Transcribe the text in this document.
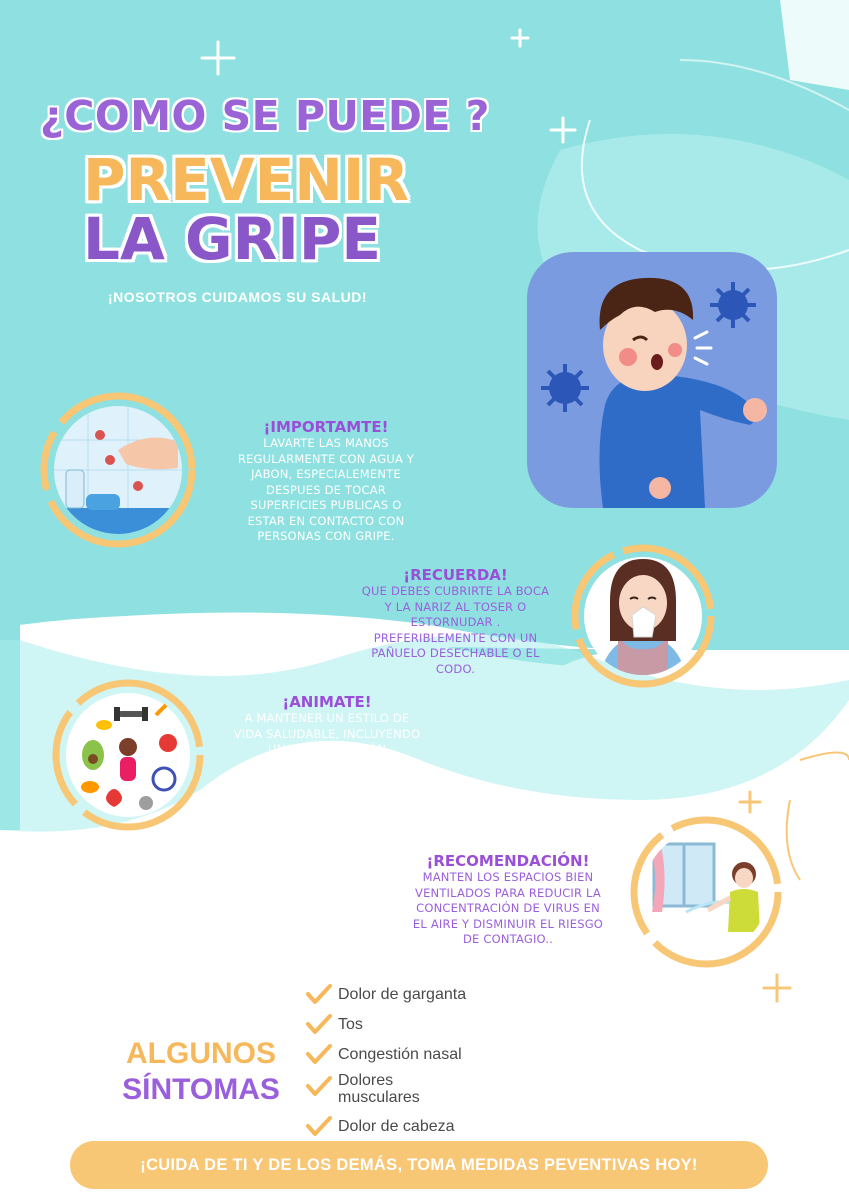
¿COMO SE PUEDE ?
PREVENIR
LA GRIPE
¡NOSOTROS CUIDAMOS SU SALUD!
¡IMPORTAMTE!

LAVARTE LAS MANOS

REGULARMENTE CON AGUA Y

JABON, ESPECIALEMENTE

DESPUES DE TOCAR

SUPERFICIES PUBLICAS O

ESTAR EN CONTACTO CON

PERSONAS CON GRIPE.

¡RECUERDA!

QUE DEBES CUBRIRTE LA BOCA

Y LA NARIZ AL TOSER O

ESTORNUDAR .

PREFERIBLEMENTE CON UN

PAÑUELO DESECHABLE O EL

CODO.

¡ANIMATE!

A MANTENER UN ESTILO DE

VIDA SALUDABLE, INCLUYENDO

UNA ALIMENTACIÓN

SALUDABLE, EJERCICIO

REGULAR, Y DESCANSO

ADECUADO PARA FORTALECER

EL SISTEMA INMUNOLÓGICO.

¡RECOMENDACIÓN!

MANTEN LOS ESPACIOS BIEN

VENTILADOS PARA REDUCIR LA

CONCENTRACIÓN DE VIRUS EN

EL AIRE Y DISMINUIR EL RIESGO

DE CONTAGIO..

ALGUNOS
SÍNTOMAS
Dolor de garganta
Tos
Congestión nasal
Dolores
musculares
Dolor de cabeza
¡CUIDA DE TI Y DE LOS DEMÁS, TOMA MEDIDAS PEVENTIVAS HOY!
